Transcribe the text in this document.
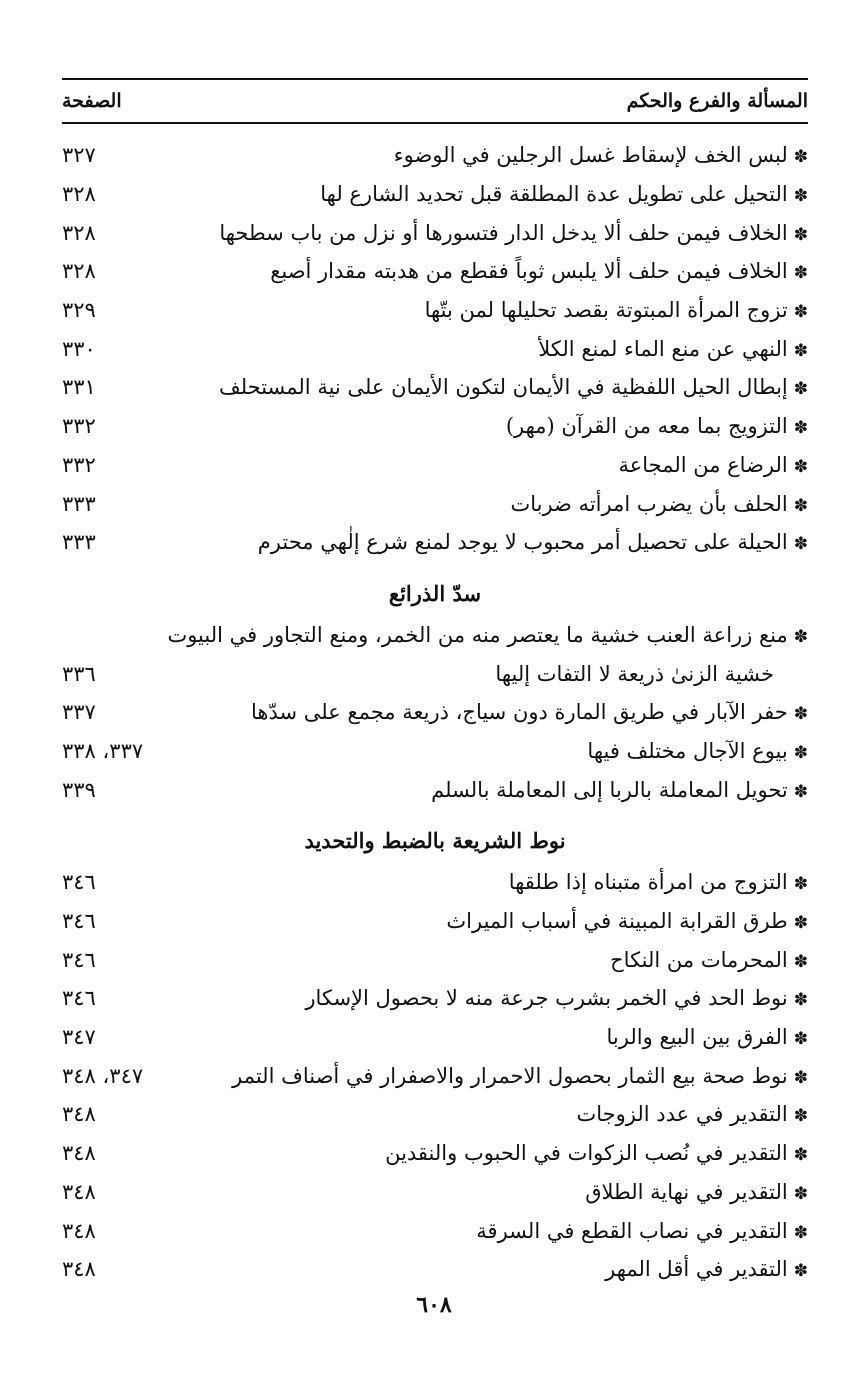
المسألة والفرع والحكم
الصفحة
✽لبس الخف لإسقاط غسل الرجلين في الوضوء
٣٢٧
✽التحيل على تطويل عدة المطلقة قبل تحديد الشارع لها
٣٢٨
✽الخلاف فيمن حلف ألا يدخل الدار فتسورها أو نزل من باب سطحها
٣٢٨
✽الخلاف فيمن حلف ألا يلبس ثوباً فقطع من هدبته مقدار أصبع
٣٢٨
✽تزوج المرأة المبتوتة بقصد تحليلها لمن بتّها
٣٢٩
✽النهي عن منع الماء لمنع الكلأ
٣٣٠
✽إبطال الحيل اللفظية في الأيمان لتكون الأيمان على نية المستحلف
٣٣١
✽التزويج بما معه من القرآن (مهر)
٣٣٢
✽الرضاع من المجاعة
٣٣٢
✽الحلف بأن يضرب امرأته ضربات
٣٣٣
✽الحيلة على تحصيل أمر محبوب لا يوجد لمنع شرع إلٰهي محترم
٣٣٣
سدّ الذرائع
✽منع زراعة العنب خشية ما يعتصر منه من الخمر، ومنع التجاور في البيوت
خشية الزنىٰ ذريعة لا التفات إليها
٣٣٦
✽حفر الآبار في طريق المارة دون سياج، ذريعة مجمع على سدّها
٣٣٧
✽بيوع الآجال مختلف فيها
٣٣٧، ٣٣٨
✽تحويل المعاملة بالربا إلى المعاملة بالسلم
٣٣٩
نوط الشريعة بالضبط والتحديد
✽التزوج من امرأة متبناه إذا طلقها
٣٤٦
✽طرق القرابة المبينة في أسباب الميراث
٣٤٦
✽المحرمات من النكاح
٣٤٦
✽نوط الحد في الخمر بشرب جرعة منه لا بحصول الإسكار
٣٤٦
✽الفرق بين البيع والربا
٣٤٧
✽نوط صحة بيع الثمار بحصول الاحمرار والاصفرار في أصناف التمر
٣٤٧، ٣٤٨
✽التقدير في عدد الزوجات
٣٤٨
✽التقدير في نُصب الزكوات في الحبوب والنقدين
٣٤٨
✽التقدير في نهاية الطلاق
٣٤٨
✽التقدير في نصاب القطع في السرقة
٣٤٨
✽التقدير في أقل المهر
٣٤٨
٦٠٨
